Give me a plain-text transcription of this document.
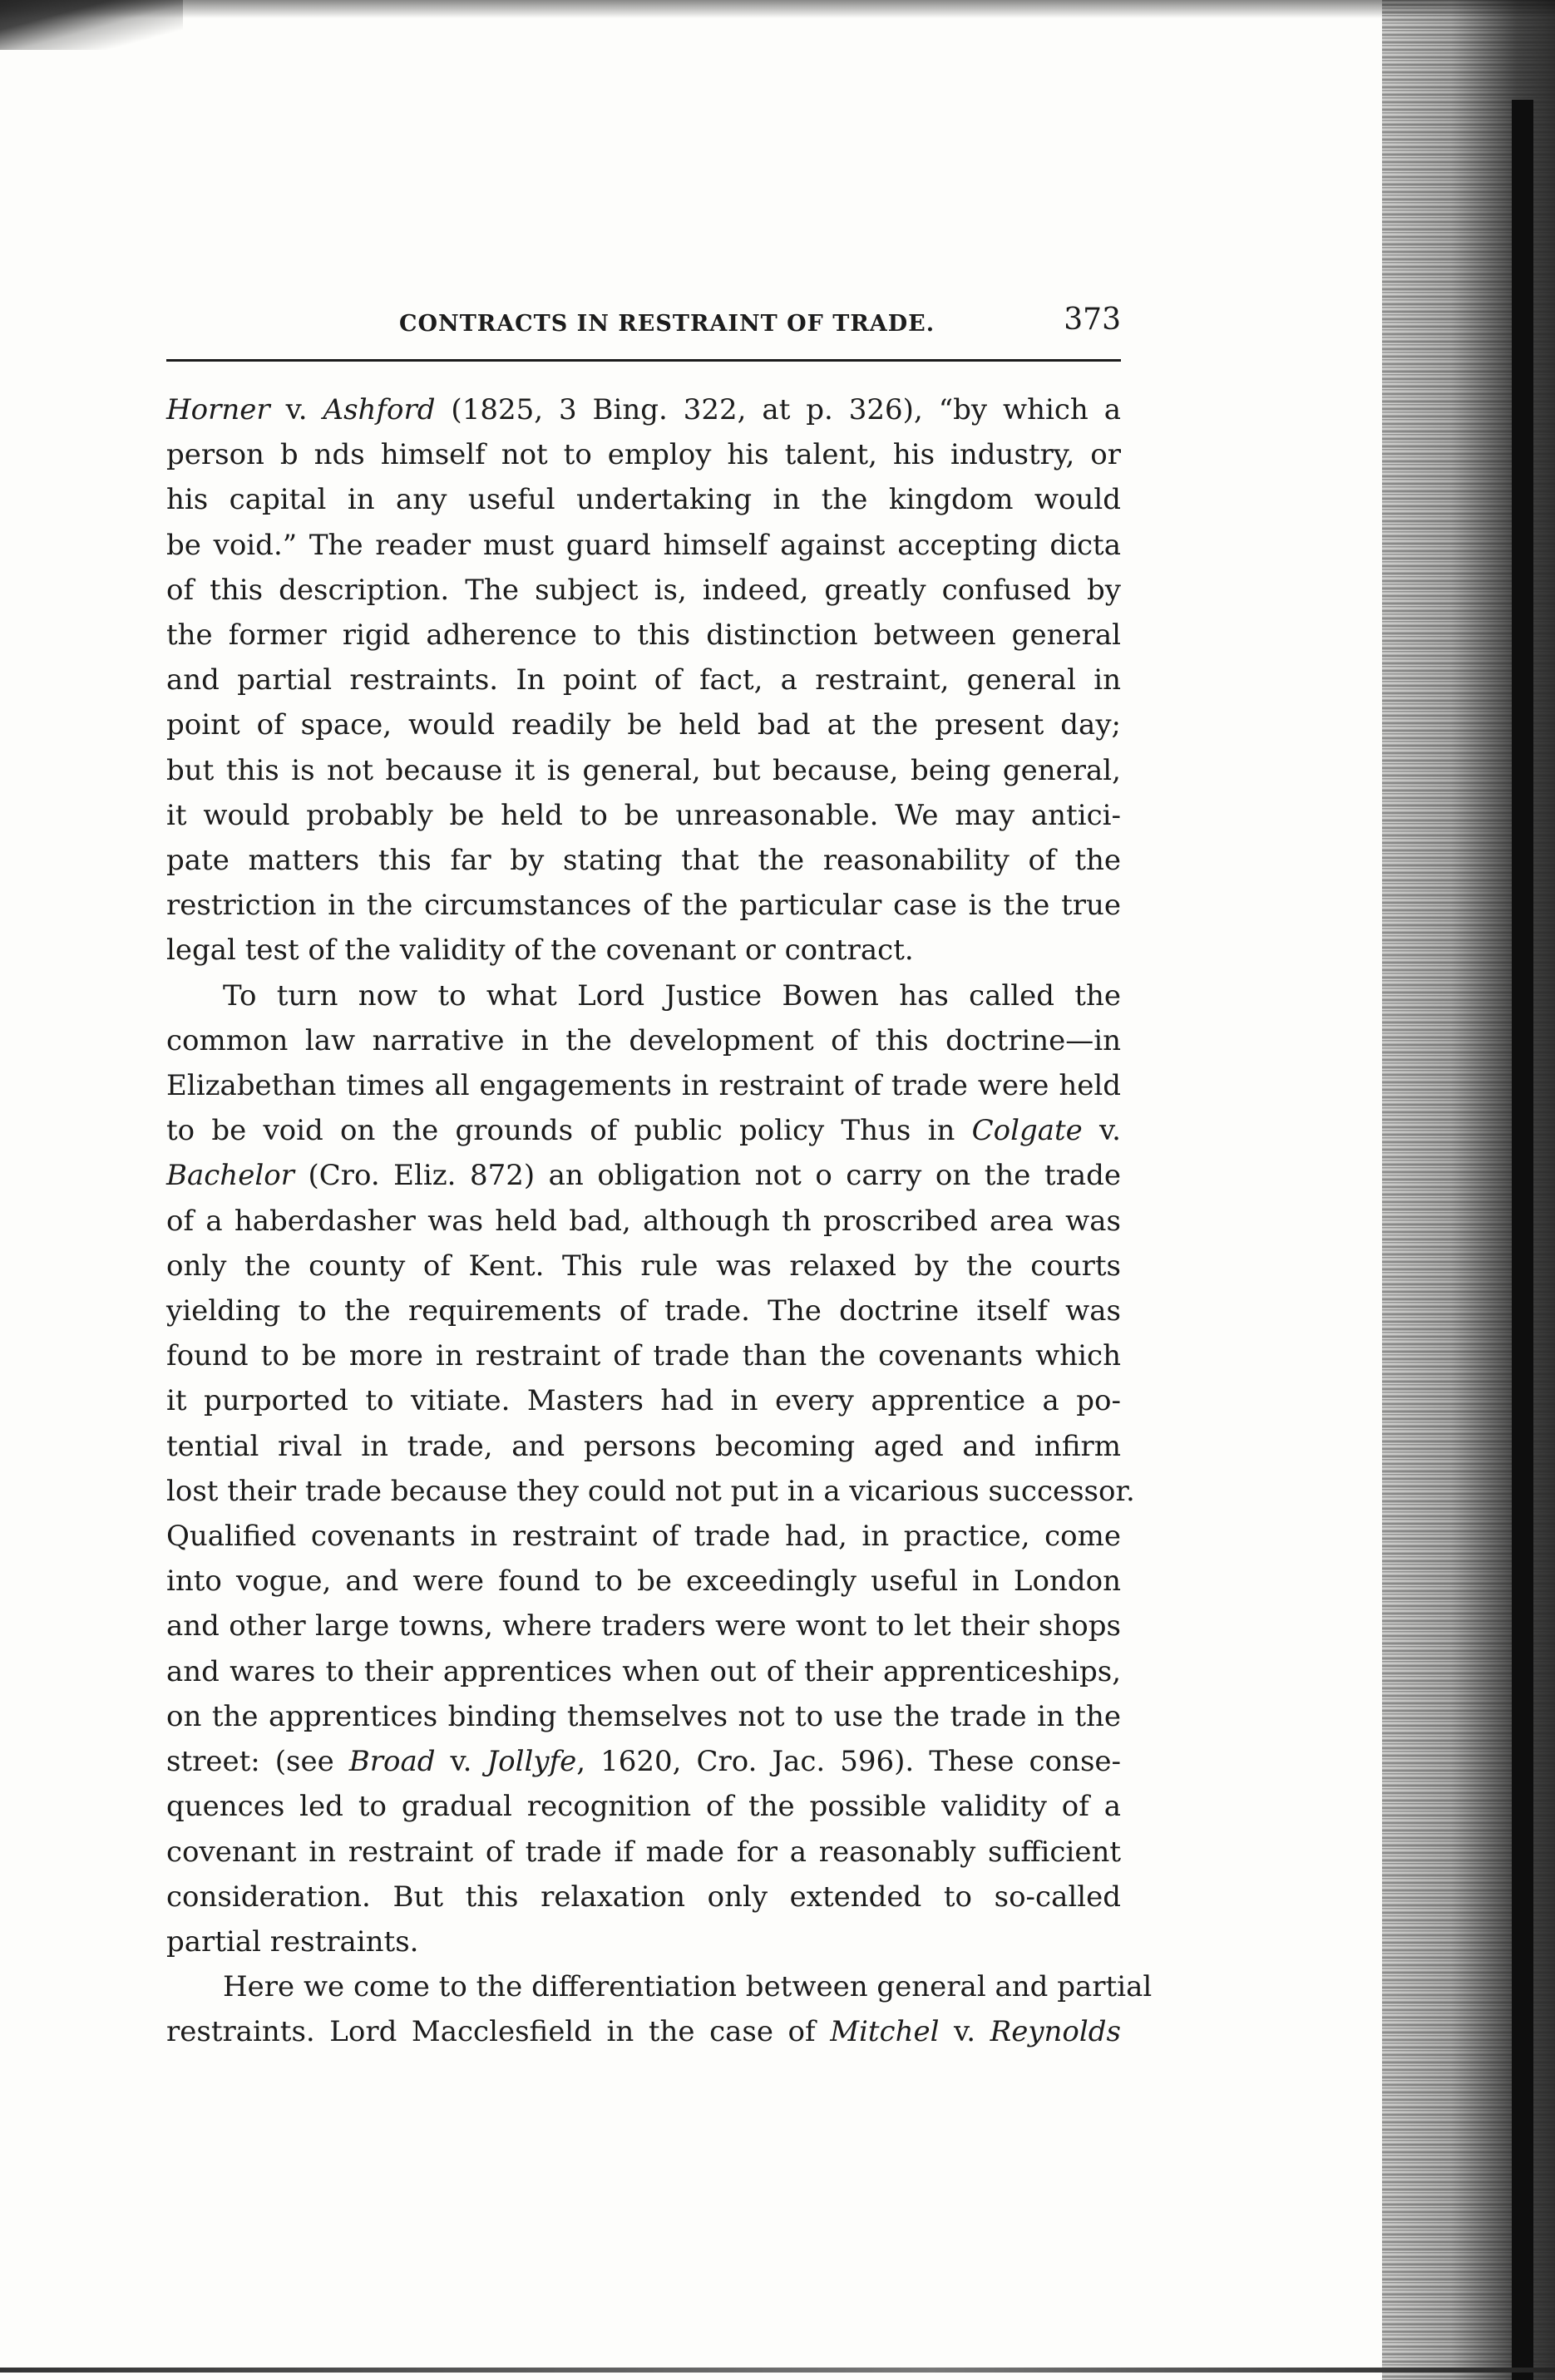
CONTRACTS IN RESTRAINT OF TRADE.	373
Horner v. Ashford (1825, 3 Bing. 322, at p. 326), “by which a
person b nds himself not to employ his talent, his industry, or
his capital in any useful undertaking in the kingdom would
be void.” The reader must guard himself against accepting dicta
of this description. The subject is, indeed, greatly confused by
the former rigid adherence to this distinction between general
and partial restraints. In point of fact, a restraint, general in
point of space, would readily be held bad at the present day;
but this is not because it is general, but because, being general,
it would probably be held to be unreasonable. We may antici-
pate matters this far by stating that the reasonability of the
restriction in the circumstances of the particular case is the true
legal test of the validity of the covenant or contract.
To turn now to what Lord Justice Bowen has called the
common law narrative in the development of this doctrine—in
Elizabethan times all engagements in restraint of trade were held
to be void on the grounds of public policy Thus in Colgate v.
Bachelor (Cro. Eliz. 872) an obligation not o carry on the trade
of a haberdasher was held bad, although th proscribed area was
only the county of Kent. This rule was relaxed by the courts
yielding to the requirements of trade. The doctrine itself was
found to be more in restraint of trade than the covenants which
it purported to vitiate. Masters had in every apprentice a po-
tential rival in trade, and persons becoming aged and infirm
lost their trade because they could not put in a vicarious successor.
Qualified covenants in restraint of trade had, in practice, come
into vogue, and were found to be exceedingly useful in London
and other large towns, where traders were wont to let their shops
and wares to their apprentices when out of their apprenticeships,
on the apprentices binding themselves not to use the trade in the
street: (see Broad v. Jollyfe, 1620, Cro. Jac. 596). These conse-
quences led to gradual recognition of the possible validity of a
covenant in restraint of trade if made for a reasonably sufficient
consideration. But this relaxation only extended to so-called
partial restraints.
Here we come to the differentiation between general and partial
restraints. Lord Macclesfield in the case of Mitchel v. Reynolds
